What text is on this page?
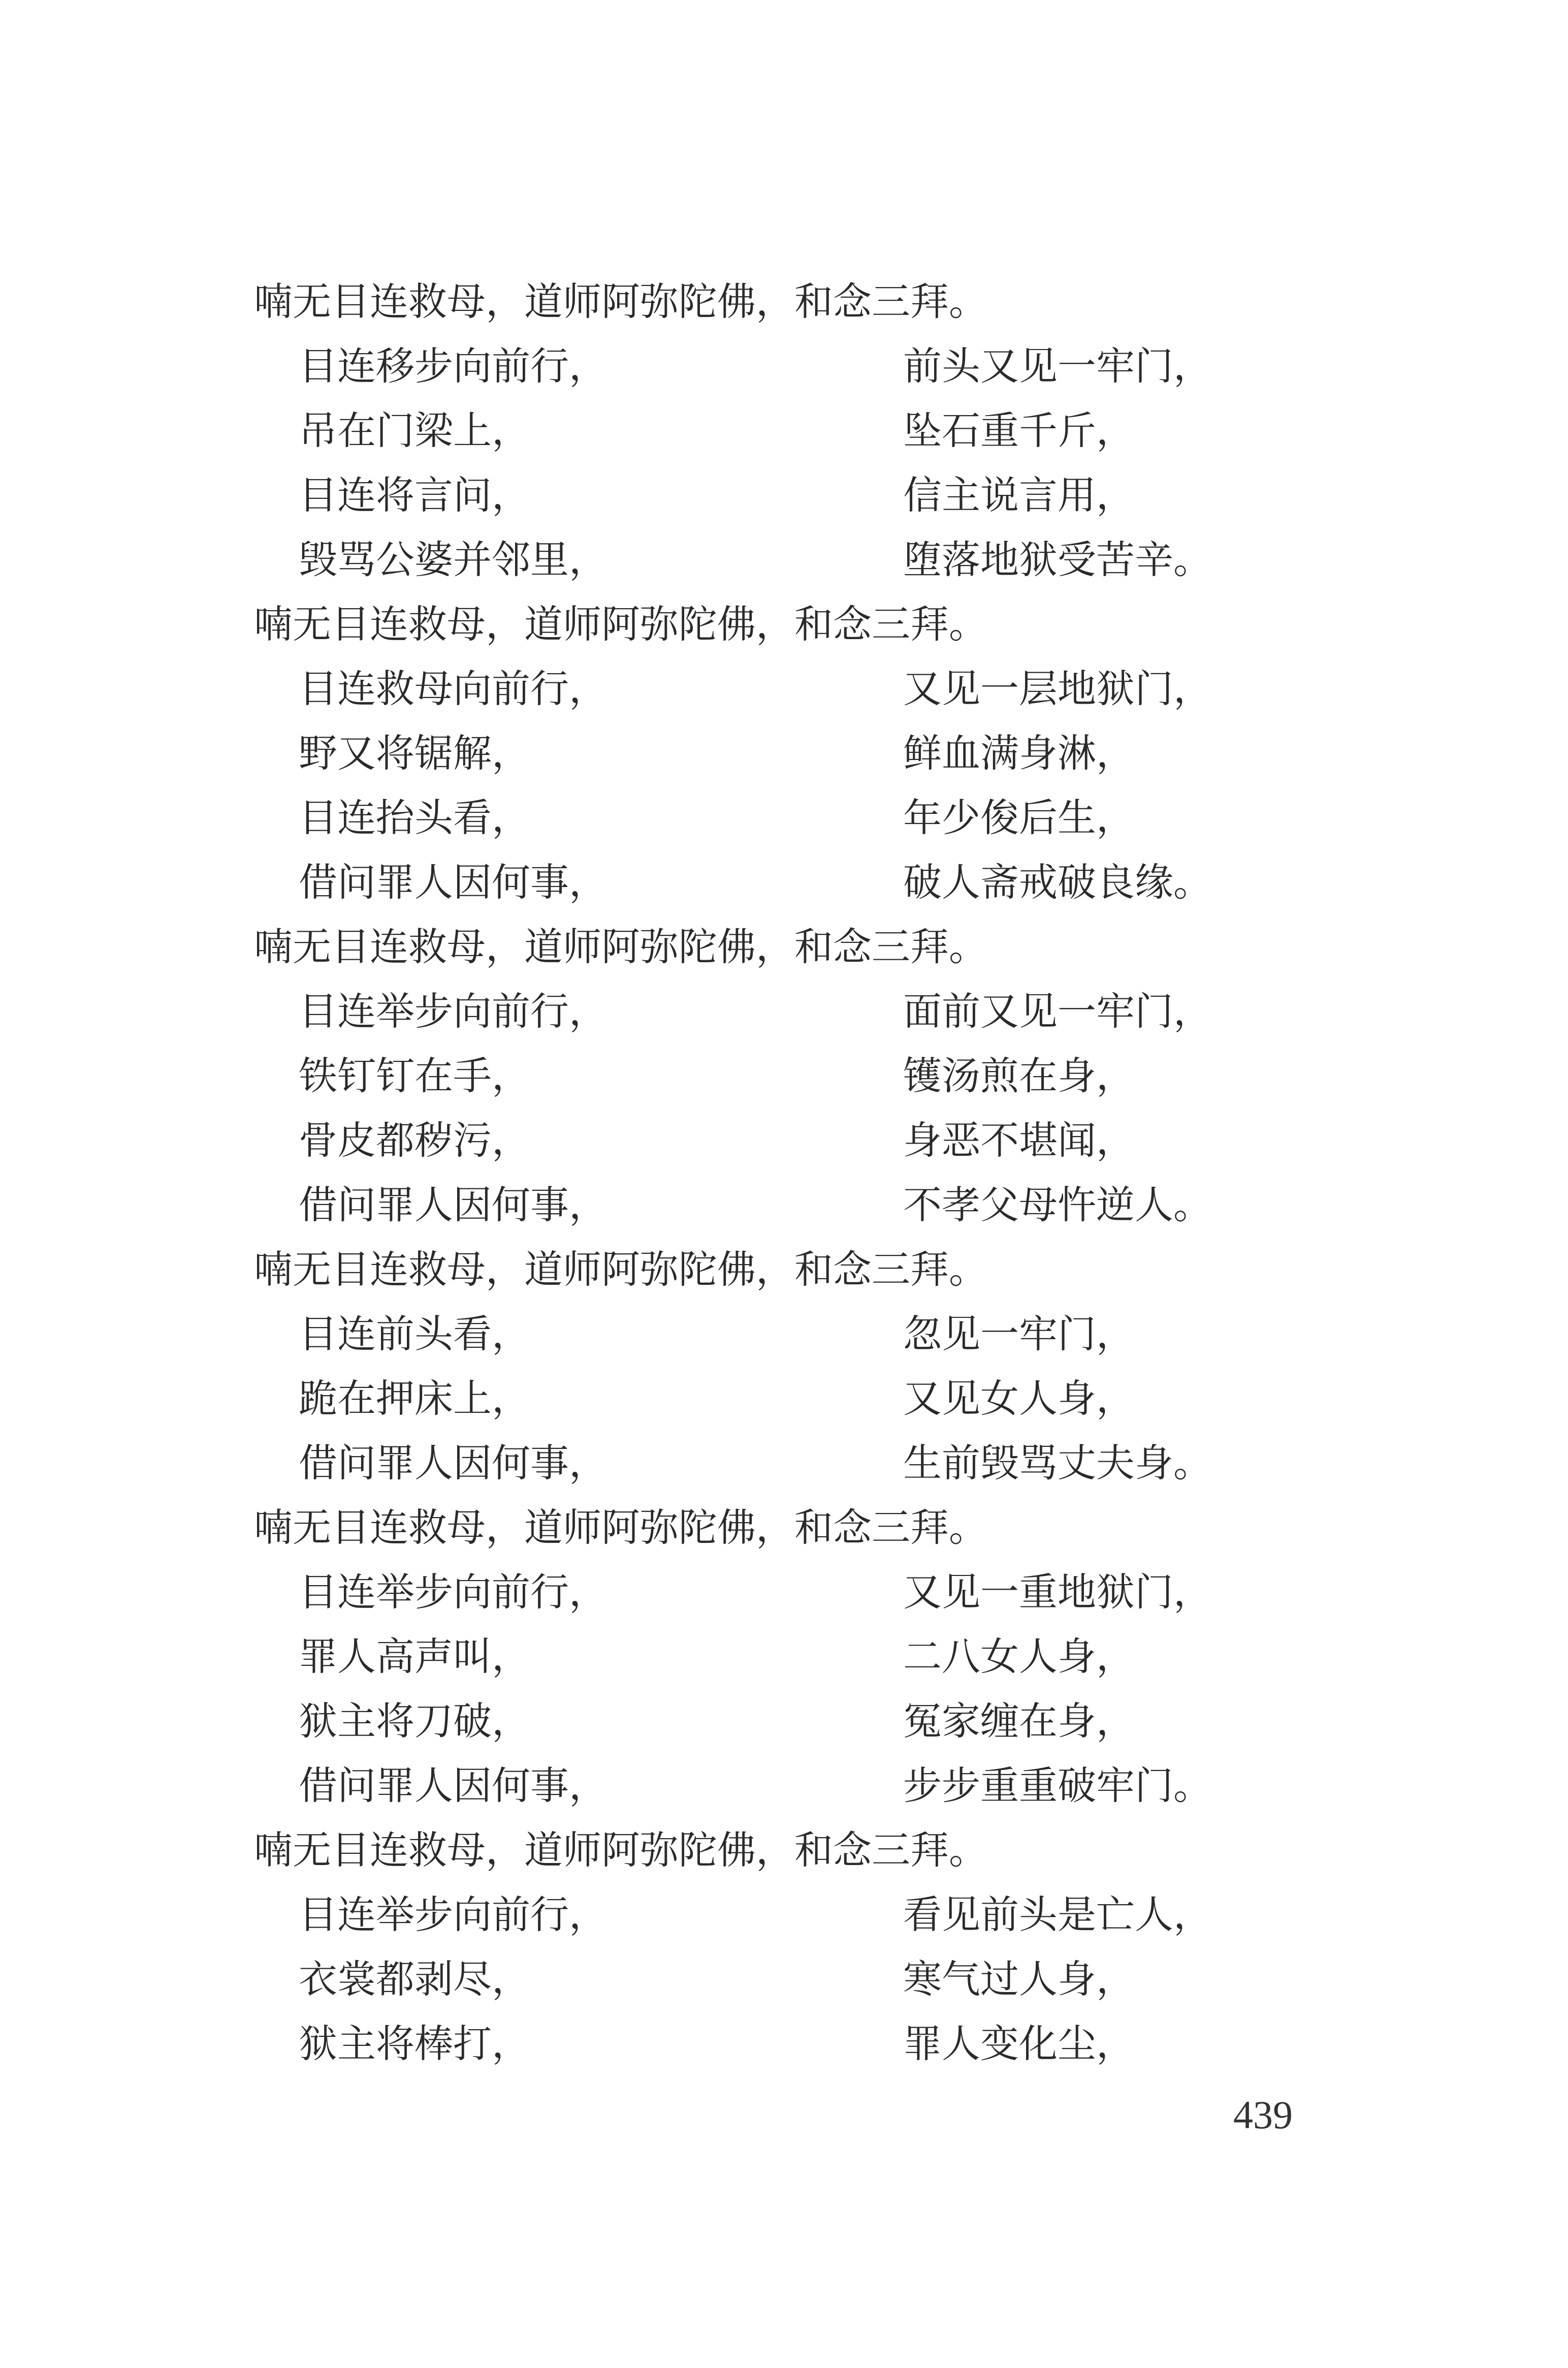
喃无目连救母，道师阿弥陀佛，和念三拜。
目连移步向前行，	前头又见一牢门，
吊在门梁上，	坠石重千斤，
目连将言问，	信主说言用，
毁骂公婆并邻里，	堕落地狱受苦辛。
喃无目连救母，道师阿弥陀佛，和念三拜。
目连救母向前行，	又见一层地狱门，
野又将锯解，	鲜血满身淋，
目连抬头看，	年少俊后生，
借问罪人因何事，	破人斋戒破良缘。
喃无目连救母，道师阿弥陀佛，和念三拜。
目连举步向前行，	面前又见一牢门，
铁钉钉在手，	镬汤煎在身，
骨皮都秽污，	身恶不堪闻，
借问罪人因何事，	不孝父母忤逆人。
喃无目连救母，道师阿弥陀佛，和念三拜。
目连前头看，	忽见一牢门，
跪在押床上，	又见女人身，
借问罪人因何事，	生前毁骂丈夫身。
喃无目连救母，道师阿弥陀佛，和念三拜。
目连举步向前行，	又见一重地狱门，
罪人高声叫，	二八女人身，
狱主将刀破，	冤家缠在身，
借问罪人因何事，	步步重重破牢门。
喃无目连救母，道师阿弥陀佛，和念三拜。
目连举步向前行，	看见前头是亡人，
衣裳都剥尽，	寒气过人身，
狱主将棒打，	罪人变化尘，
439
